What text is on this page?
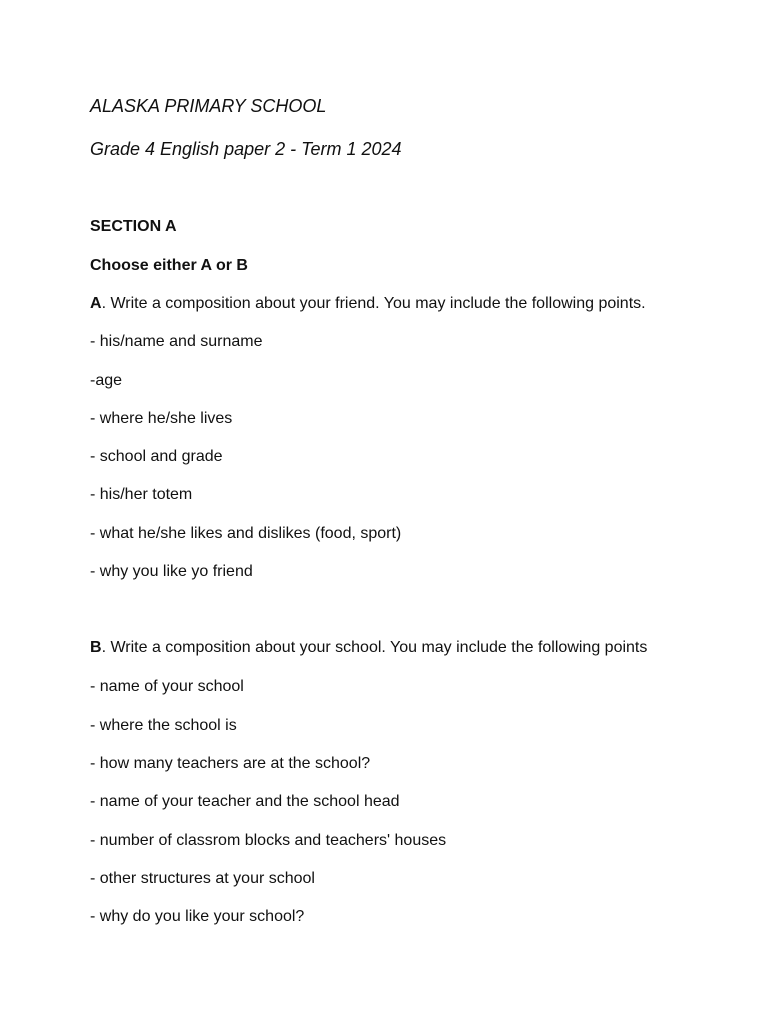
ALASKA PRIMARY SCHOOL
Grade 4 English paper 2 - Term 1 2024
SECTION A
Choose either A or B
A. Write a composition about your friend. You may include the following points.
- his/name and surname
-age
- where he/she lives
- school and grade
- his/her totem
- what he/she likes and dislikes (food, sport)
- why you like yo friend
B. Write a composition about your school. You may include the following points
- name of your school
- where the school is
- how many teachers are at the school?
- name of your teacher and the school head
- number of classrom blocks and teachers' houses
- other structures at your school
- why do you like your school?
